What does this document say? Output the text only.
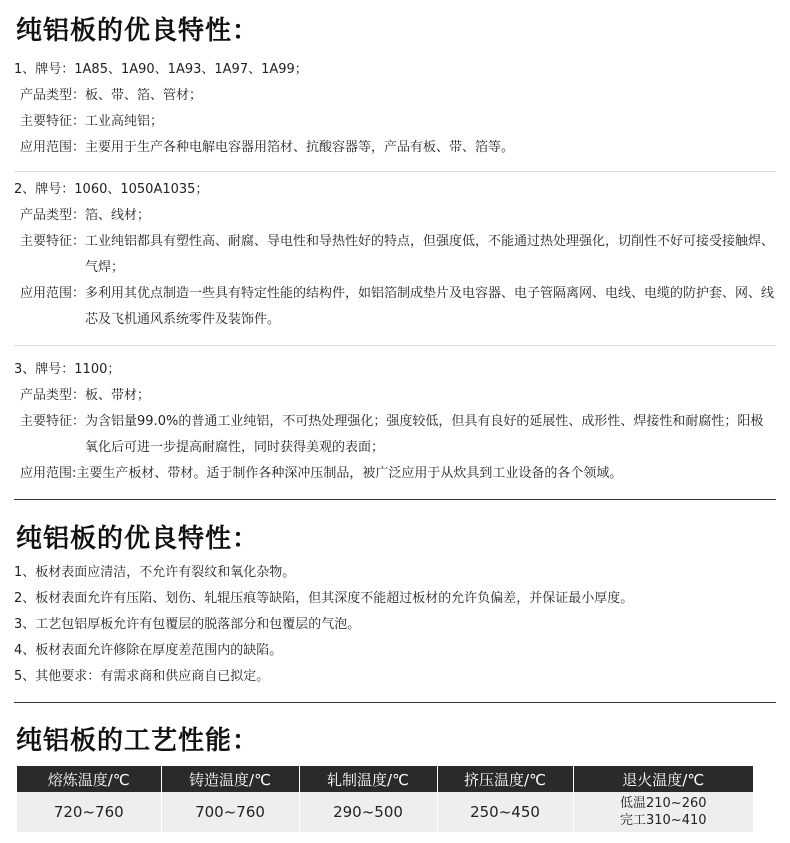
纯铝板的优良特性：
1、牌号：1A85、1A90、1A93、1A97、1A99；
产品类型： 板、带、箔、管材；
主要特征： 工业高纯铝；
应用范围： 主要用于生产各种电解电容器用箔材、抗酸容器等，产品有板、带、箔等。
2、牌号：1060、1050A1035；
产品类型： 箔、线材；
主要特征： 工业纯铝都具有塑性高、耐腐、导电性和导热性好的特点，但强度低，不能通过热处理强化，切削性不好可接受接触焊、气焊；
应用范围： 多利用其优点制造一些具有特定性能的结构件，如铝箔制成垫片及电容器、电子管隔离网、电线、电缆的防护套、网、线芯及飞机通风系统零件及装饰件。
3、牌号：1100；
产品类型： 板、带材；
主要特征： 为含铝量99.0%的普通工业纯铝，不可热处理强化；强度较低，但具有良好的延展性、成形性、焊接性和耐腐性；阳极氧化后可进一步提高耐腐性，同时获得美观的表面；
应用范围: 主要生产板材、带材。适于制作各种深冲压制品，被广泛应用于从炊具到工业设备的各个领域。
纯铝板的优良特性：
1、板材表面应清洁，不允许有裂纹和氧化杂物。
2、板材表面允许有压陷、划伤、轧辊压痕等缺陷，但其深度不能超过板材的允许负偏差，并保证最小厚度。
3、工艺包铝厚板允许有包覆层的脱落部分和包覆层的气泡。
4、板材表面允许修除在厚度差范围内的缺陷。
5、其他要求：有需求商和供应商自已拟定。
纯铝板的工艺性能：
熔炼温度/℃	铸造温度/℃	轧制温度/℃	挤压温度/℃	退火温度/℃
720~760	700~760	290~500	250~450	低温210~260
完工310~410
